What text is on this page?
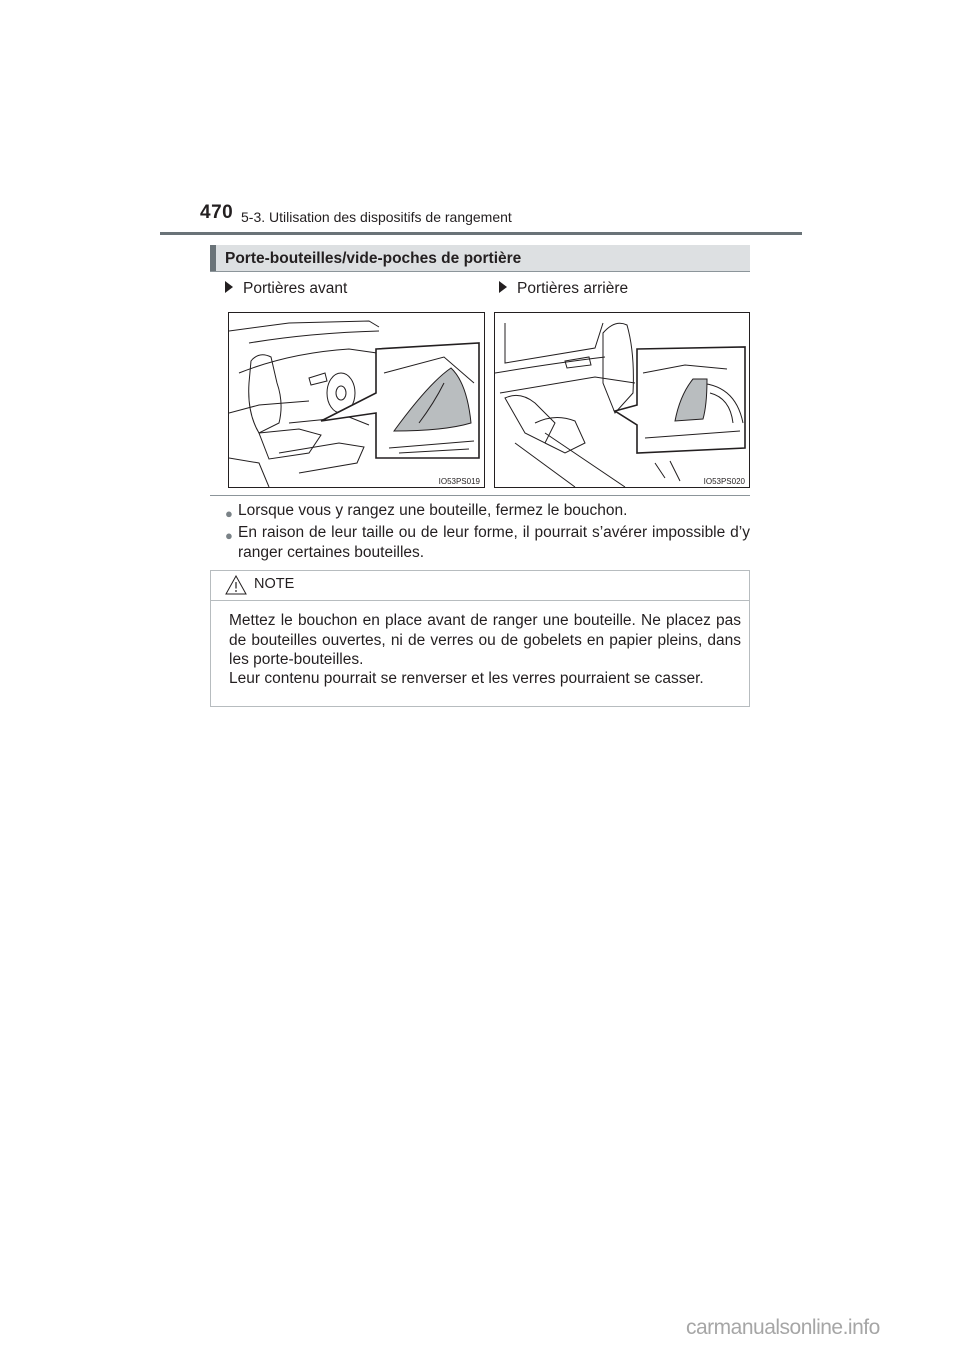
470 5-3. Utilisation des dispositifs de rangement
Porte-bouteilles/vide-poches de portière
Portières avant	Portières arrière
IO53PS019	IO53PS020
● Lorsque vous y rangez une bouteille, fermez le bouchon.
● En raison de leur taille ou de leur forme, il pourrait s’avérer impossible d’y ranger certaines bouteilles.
NOTE
Mettez le bouchon en place avant de ranger une bouteille. Ne placez pas de bouteilles ouvertes, ni de verres ou de gobelets en papier pleins, dans les porte-bouteilles.
Leur contenu pourrait se renverser et les verres pourraient se casser.
carmanualsonline.info
